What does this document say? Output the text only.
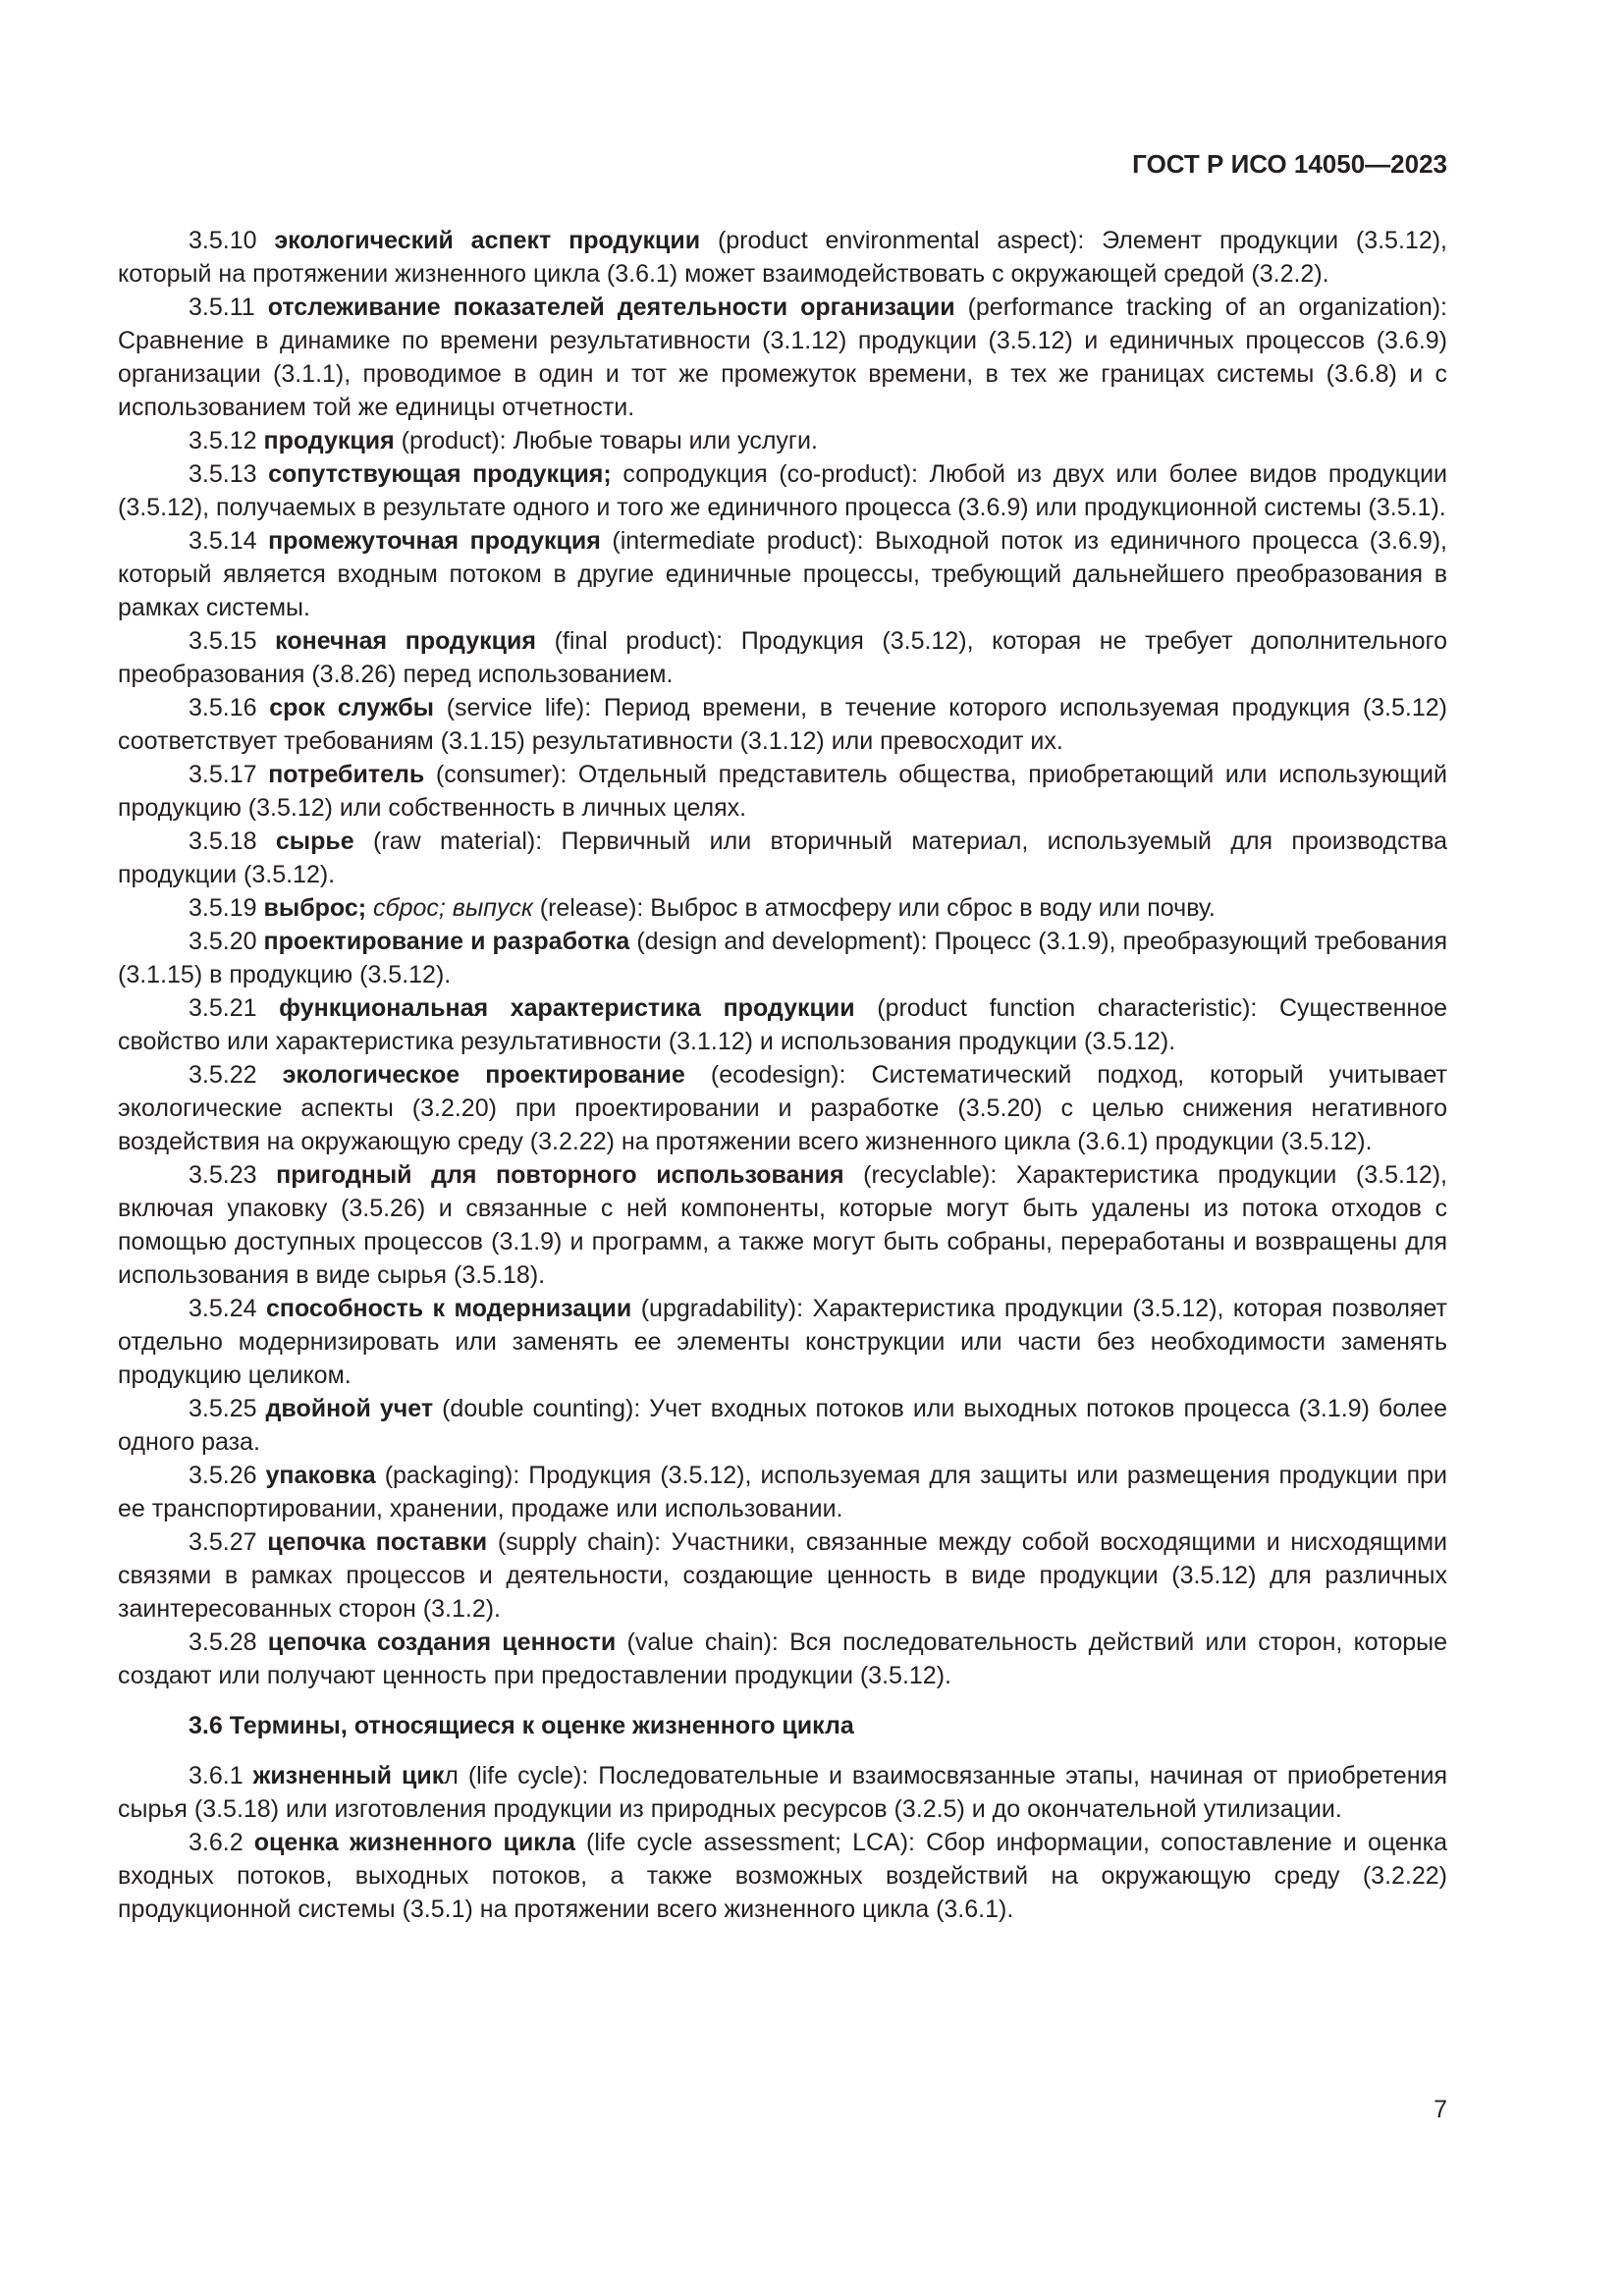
ГОСТ Р ИСО 14050—2023

3.5.10 экологический аспект продукции (product environmental aspect): Элемент продукции (3.5.12), который на протяжении жизненного цикла (3.6.1) может взаимодействовать с окружающей средой (3.2.2).

3.5.11 отслеживание показателей деятельности организации (performance tracking of an organization): Сравнение в динамике по времени результативности (3.1.12) продукции (3.5.12) и единичных процессов (3.6.9) организации (3.1.1), проводимое в один и тот же промежуток времени, в тех же границах системы (3.6.8) и с использованием той же единицы отчетности.

3.5.12 продукция (product): Любые товары или услуги.

3.5.13 сопутствующая продукция; сопродукция (co-product): Любой из двух или более видов продукции (3.5.12), получаемых в результате одного и того же единичного процесса (3.6.9) или продукционной системы (3.5.1).

3.5.14 промежуточная продукция (intermediate product): Выходной поток из единичного процесса (3.6.9), который является входным потоком в другие единичные процессы, требующий дальнейшего преобразования в рамках системы.

3.5.15 конечная продукция (final product): Продукция (3.5.12), которая не требует дополнительного преобразования (3.8.26) перед использованием.

3.5.16 срок службы (service life): Период времени, в течение которого используемая продукция (3.5.12) соответствует требованиям (3.1.15) результативности (3.1.12) или превосходит их.

3.5.17 потребитель (consumer): Отдельный представитель общества, приобретающий или использующий продукцию (3.5.12) или собственность в личных целях.

3.5.18 сырье (raw material): Первичный или вторичный материал, используемый для производства продукции (3.5.12).

3.5.19 выброс; сброс; выпуск (release): Выброс в атмосферу или сброс в воду или почву.

3.5.20 проектирование и разработка (design and development): Процесс (3.1.9), преобразующий требования (3.1.15) в продукцию (3.5.12).

3.5.21 функциональная характеристика продукции (product function characteristic): Существенное свойство или характеристика результативности (3.1.12) и использования продукции (3.5.12).

3.5.22 экологическое проектирование (ecodesign): Систематический подход, который учитывает экологические аспекты (3.2.20) при проектировании и разработке (3.5.20) с целью снижения негативного воздействия на окружающую среду (3.2.22) на протяжении всего жизненного цикла (3.6.1) продукции (3.5.12).

3.5.23 пригодный для повторного использования (recyclable): Характеристика продукции (3.5.12), включая упаковку (3.5.26) и связанные с ней компоненты, которые могут быть удалены из потока отходов с помощью доступных процессов (3.1.9) и программ, а также могут быть собраны, переработаны и возвращены для использования в виде сырья (3.5.18).

3.5.24 способность к модернизации (upgradability): Характеристика продукции (3.5.12), которая позволяет отдельно модернизировать или заменять ее элементы конструкции или части без необходимости заменять продукцию целиком.

3.5.25 двойной учет (double counting): Учет входных потоков или выходных потоков процесса (3.1.9) более одного раза.

3.5.26 упаковка (packaging): Продукция (3.5.12), используемая для защиты или размещения продукции при ее транспортировании, хранении, продаже или использовании.

3.5.27 цепочка поставки (supply chain): Участники, связанные между собой восходящими и нисходящими связями в рамках процессов и деятельности, создающие ценность в виде продукции (3.5.12) для различных заинтересованных сторон (3.1.2).

3.5.28 цепочка создания ценности (value chain): Вся последовательность действий или сторон, которые создают или получают ценность при предоставлении продукции (3.5.12).

3.6 Термины, относящиеся к оценке жизненного цикла

3.6.1 жизненный цикл (life cycle): Последовательные и взаимосвязанные этапы, начиная от приобретения сырья (3.5.18) или изготовления продукции из природных ресурсов (3.2.5) и до окончательной утилизации.

3.6.2 оценка жизненного цикла (life cycle assessment; LCA): Сбор информации, сопоставление и оценка входных потоков, выходных потоков, а также возможных воздействий на окружающую среду (3.2.22) продукционной системы (3.5.1) на протяжении всего жизненного цикла (3.6.1).

7
